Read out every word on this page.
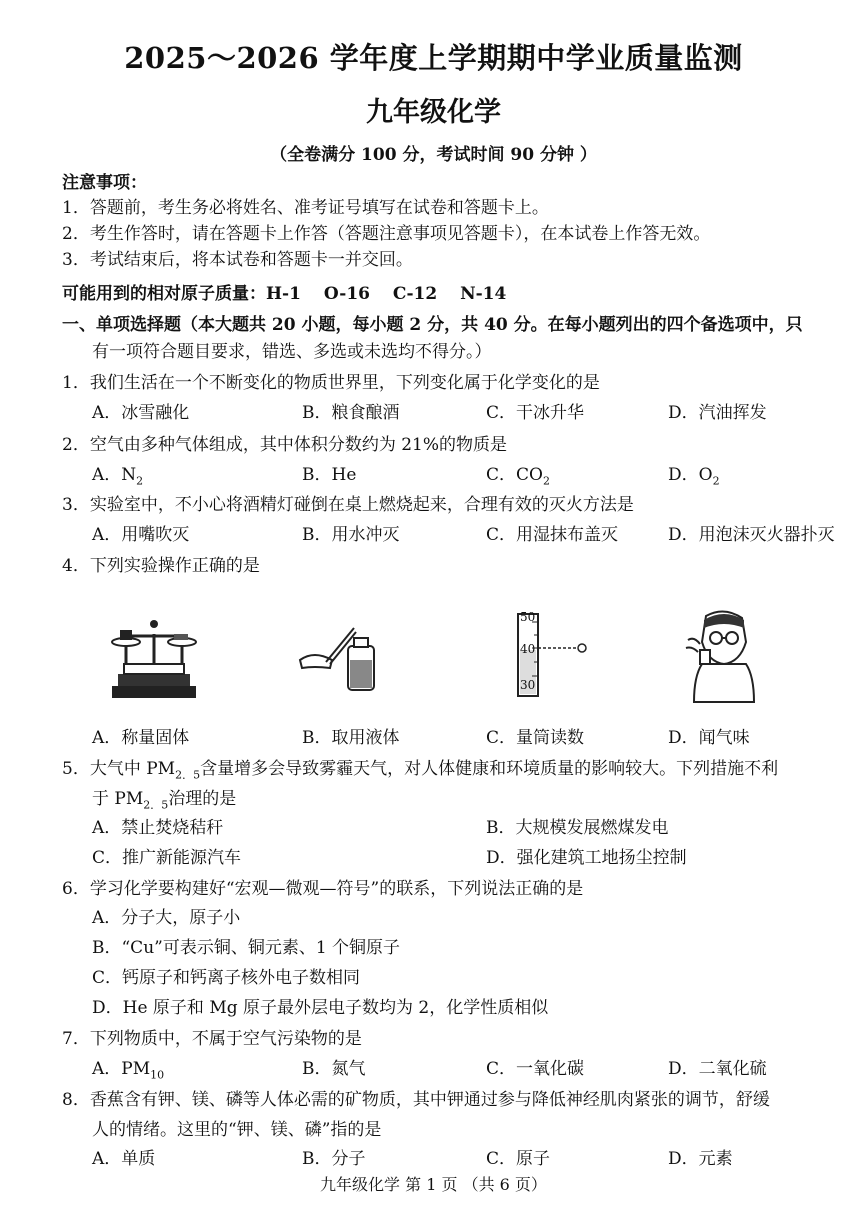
2025～2026 学年度上学期期中学业质量监测
九年级化学
（全卷满分 100 分，考试时间 90 分钟 ）
注意事项：
1．答题前，考生务必将姓名、准考证号填写在试卷和答题卡上。
2．考生作答时，请在答题卡上作答（答题注意事项见答题卡），在本试卷上作答无效。
3．考试结束后，将本试卷和答题卡一并交回。
可能用到的相对原子质量：H-1　 O-16　 C-12　 N-14
一、单项选择题（本大题共 20 小题，每小题 2 分，共 40 分。在每小题列出的四个备选项中，只
有一项符合题目要求，错选、多选或未选均不得分。）
1．我们生活在一个不断变化的物质世界里，下列变化属于化学变化的是
A．冰雪融化	B．粮食酿酒	C．干冰升华	D．汽油挥发
2．空气由多种气体组成，其中体积分数约为 21%的物质是
A．$N_2$	B．He	C．$CO_2$	D．$O_2$
3．实验室中，不小心将酒精灯碰倒在桌上燃烧起来，合理有效的灭火方法是
A．用嘴吹灭	B．用水冲灭	C．用湿抹布盖灭	D．用泡沫灭火器扑灭
4．下列实验操作正确的是
50
40
30
A．称量固体	B．取用液体	C．量筒读数	D．闻气味
5．大气中 $PM_{2.5}$含量增多会导致雾霾天气，对人体健康和环境质量的影响较大。下列措施不利
于 $PM_{2.5}$治理的是
A．禁止焚烧秸秆	B．大规模发展燃煤发电
C．推广新能源汽车	D．强化建筑工地扬尘控制
6．学习化学要构建好“宏观—微观—符号”的联系，下列说法正确的是
A．分子大，原子小
B．“Cu”可表示铜、铜元素、1 个铜原子
C．钙原子和钙离子核外电子数相同
D．He 原子和 Mg 原子最外层电子数均为 2，化学性质相似
7．下列物质中，不属于空气污染物的是
A．$PM_{10}$	B．氮气	C．一氧化碳	D．二氧化硫
8．香蕉含有钾、镁、磷等人体必需的矿物质，其中钾通过参与降低神经肌肉紧张的调节，舒缓
人的情绪。这里的“钾、镁、磷”指的是
A．单质	B．分子	C．原子	D．元素
九年级化学 第 1 页 （共 6 页）
